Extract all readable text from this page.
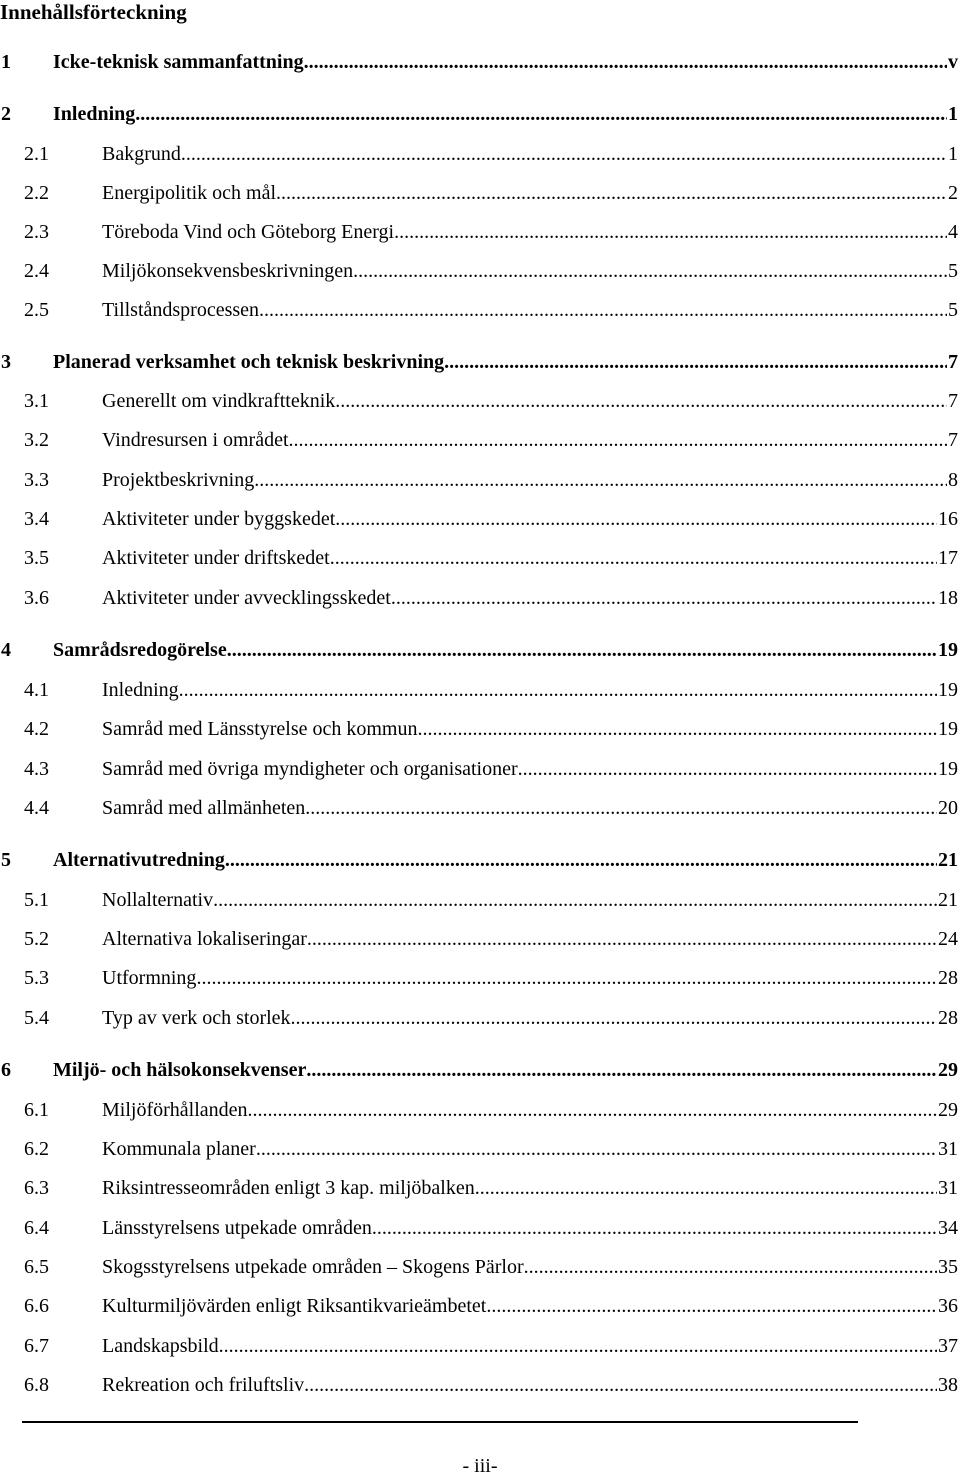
Innehållsförteckning
1	Icke-teknisk sammanfattning .....	v
2	Inledning .....	1
2.1	Bakgrund .....	1
2.2	Energipolitik och mål .....	2
2.3	Töreboda Vind och Göteborg Energi .....	4
2.4	Miljökonsekvensbeskrivningen .....	5
2.5	Tillståndsprocessen .....	5
3	Planerad verksamhet och teknisk beskrivning .....	7
3.1	Generellt om vindkraftteknik .....	7
3.2	Vindresursen i området .....	7
3.3	Projektbeskrivning .....	8
3.4	Aktiviteter under byggskedet .....	16
3.5	Aktiviteter under driftskedet .....	17
3.6	Aktiviteter under avvecklingsskedet .....	18
4	Samrådsredogörelse .....	19
4.1	Inledning .....	19
4.2	Samråd med Länsstyrelse och kommun .....	19
4.3	Samråd med övriga myndigheter och organisationer .....	19
4.4	Samråd med allmänheten .....	20
5	Alternativutredning .....	21
5.1	Nollalternativ .....	21
5.2	Alternativa lokaliseringar .....	24
5.3	Utformning .....	28
5.4	Typ av verk och storlek .....	28
6	Miljö- och hälsokonsekvenser .....	29
6.1	Miljöförhållanden .....	29
6.2	Kommunala planer .....	31
6.3	Riksintresseområden enligt 3 kap. miljöbalken .....	31
6.4	Länsstyrelsens utpekade områden .....	34
6.5	Skogsstyrelsens utpekade områden – Skogens Pärlor .....	35
6.6	Kulturmiljövärden enligt Riksantikvarieämbetet .....	36
6.7	Landskapsbild .....	37
6.8	Rekreation och friluftsliv .....	38
- iii-
